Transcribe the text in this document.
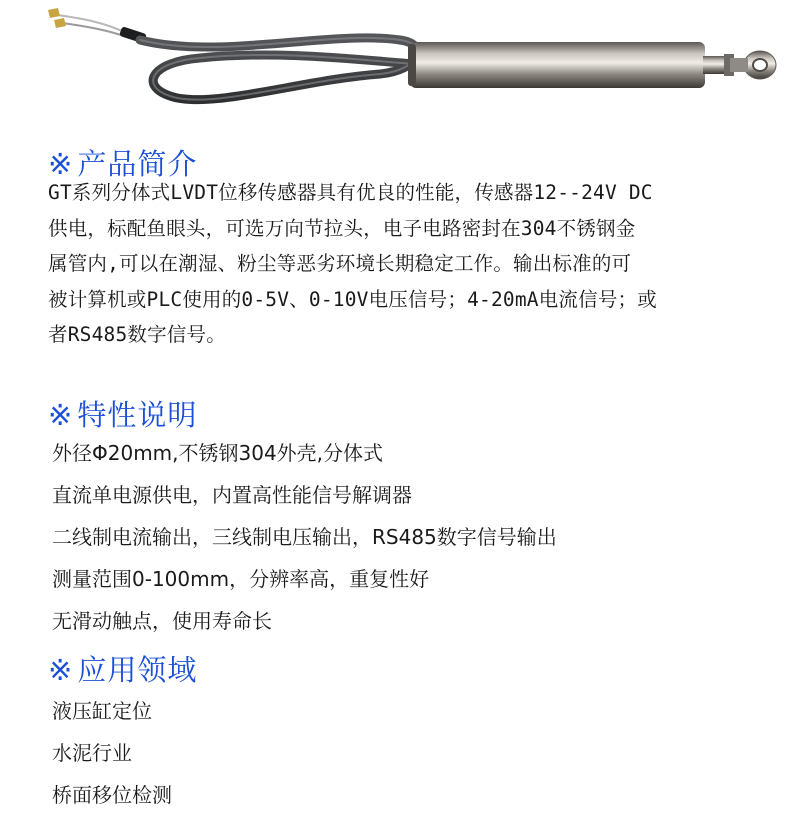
※ 产品简介

GT系列分体式LVDT位移传感器具有优良的性能，传感器12--24V DC

供电，标配鱼眼头，可选万向节拉头，电子电路密封在304不锈钢金

属管内,可以在潮湿、粉尘等恶劣环境长期稳定工作。输出标准的可

被计算机或PLC使用的0-5V、0-10V电压信号；4-20mA电流信号；或

者RS485数字信号。

※ 特性说明
外径Φ20mm,不锈钢304外壳,分体式
直流单电源供电，内置高性能信号解调器
二线制电流输出，三线制电压输出，RS485数字信号输出
测量范围0-100mm，分辨率高，重复性好
无滑动触点，使用寿命长
※ 应用领域
液压缸定位
水泥行业
桥面移位检测
